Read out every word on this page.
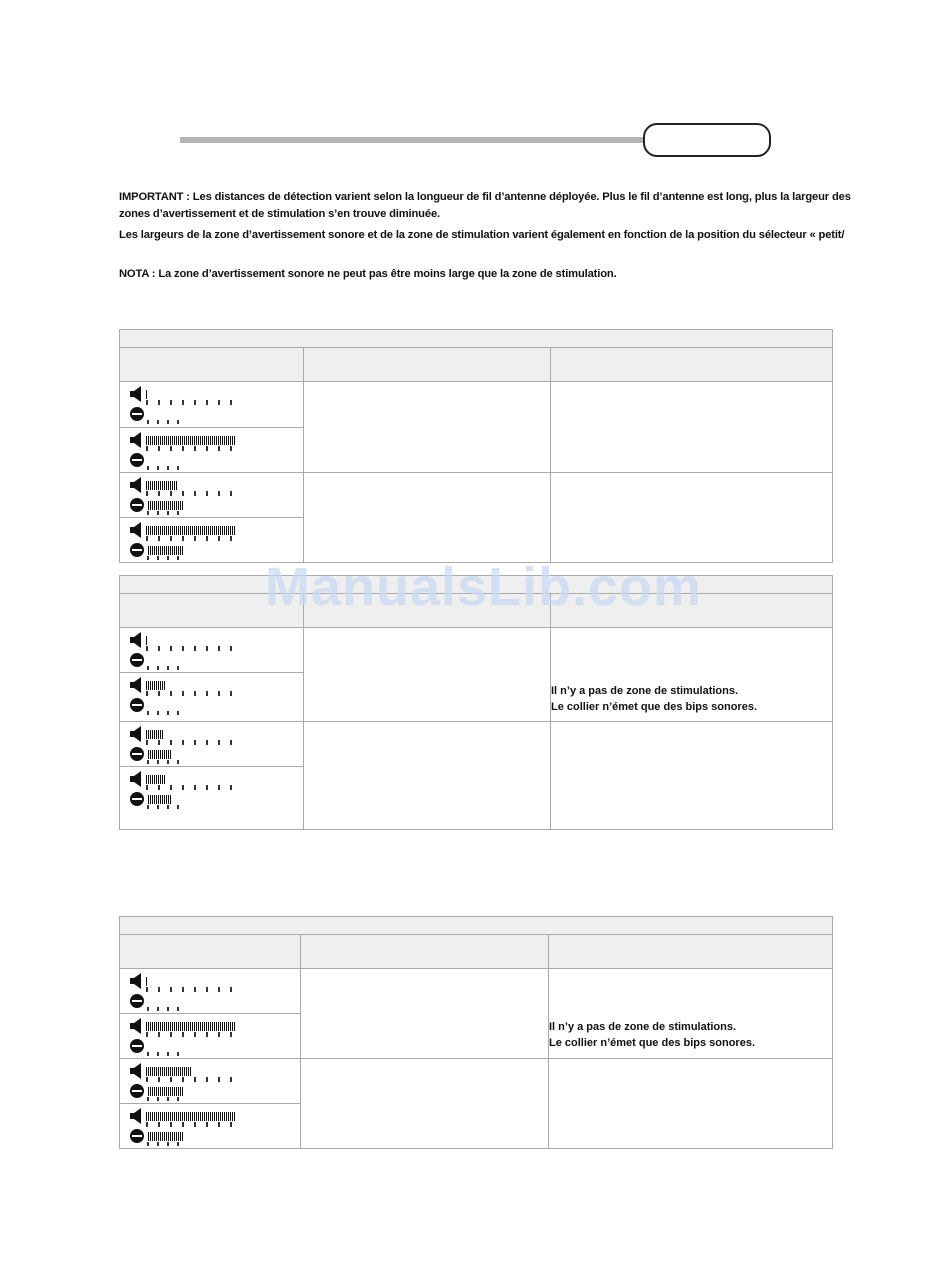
IMPORTANT : Les distances de détection varient selon la longueur de fil d’antenne déployée. Plus le fil d’antenne est long, plus la largeur des
zones d’avertissement et de stimulation s’en trouve diminuée.
Les largeurs de la zone d’avertissement sonore et de la zone de stimulation varient également en fonction de la position du sélecteur « petit/
NOTA : La zone d’avertissement sonore ne peut pas être moins large que la zone de stimulation.

Il n’y a pas de zone de stimulations.
Le collier n’émet que des bips sonores.

Il n’y a pas de zone de stimulations.
Le collier n’émet que des bips sonores.

ManualsLib.com
